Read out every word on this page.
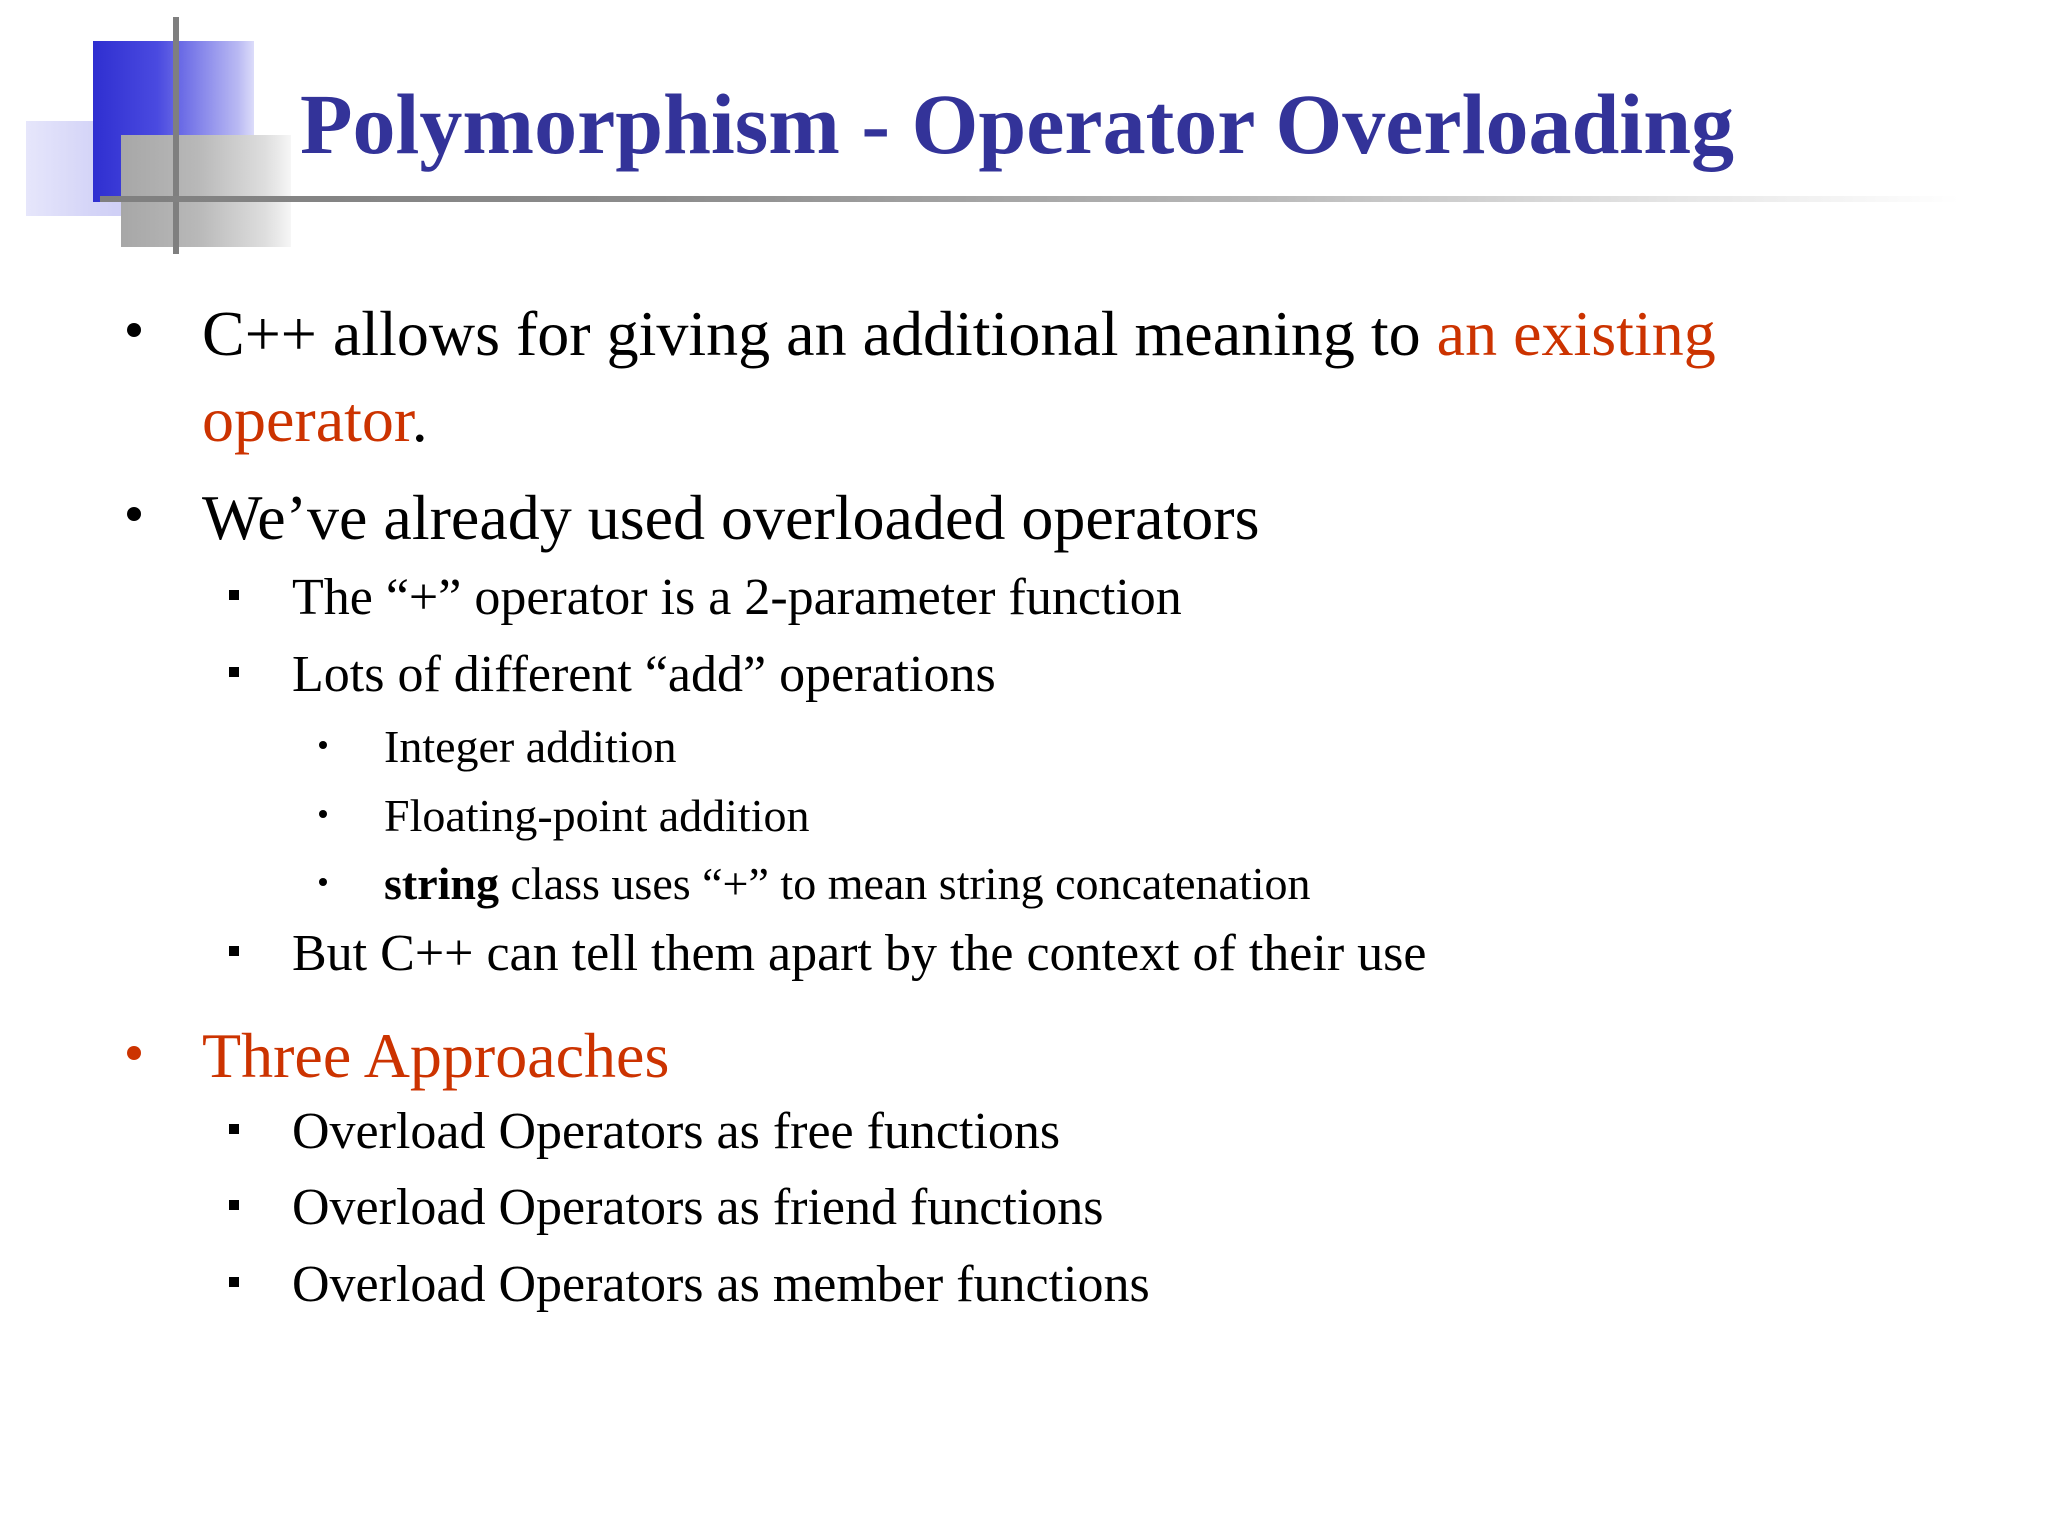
Polymorphism - Operator Overloading
C++ allows for giving an additional meaning to an existing
operator.
We’ve already used overloaded operators
The “+” operator is a 2-parameter function
Lots of different “add” operations
Integer addition
Floating-point addition
string class uses “+” to mean string concatenation
But C++ can tell them apart by the context of their use
Three Approaches
Overload Operators as free functions
Overload Operators as friend functions
Overload Operators as member functions
